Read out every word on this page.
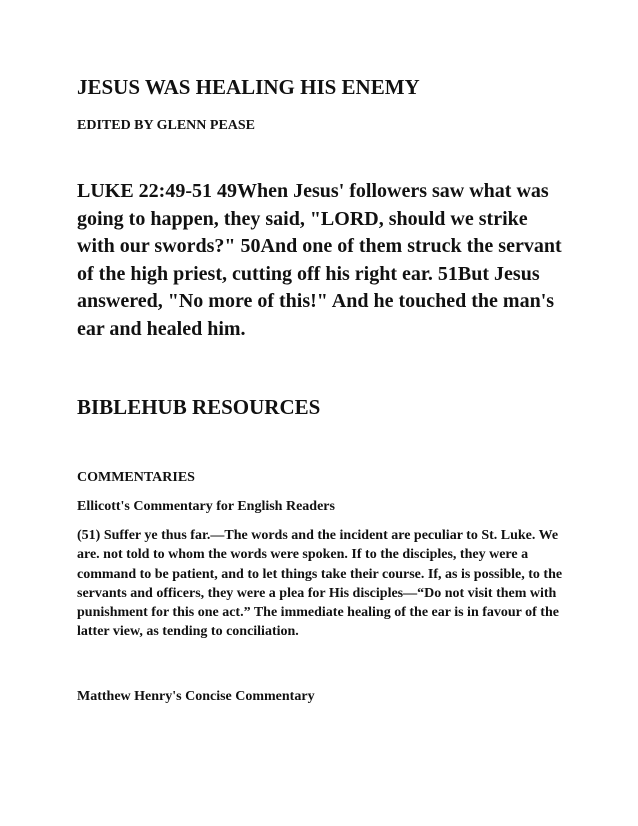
JESUS WAS HEALING HIS ENEMY
EDITED BY GLENN PEASE

LUKE 22:49-51 49When Jesus' followers saw what was going to happen, they said, "LORD, should we strike with our swords?" 50And one of them struck the servant of the high priest, cutting off his right ear. 51But Jesus answered, "No more of this!" And he touched the man's ear and healed him.

BIBLEHUB RESOURCES
COMMENTARIES
Ellicott's Commentary for English Readers

(51) Suffer ye thus far.—The words and the incident are peculiar to St. Luke. We are. not told to whom the words were spoken. If to the disciples, they were a command to be patient, and to let things take their course. If, as is possible, to the servants and officers, they were a plea for His disciples—“Do not visit them with punishment for this one act.” The immediate healing of the ear is in favour of the latter view, as tending to conciliation.

Matthew Henry's Concise Commentary
